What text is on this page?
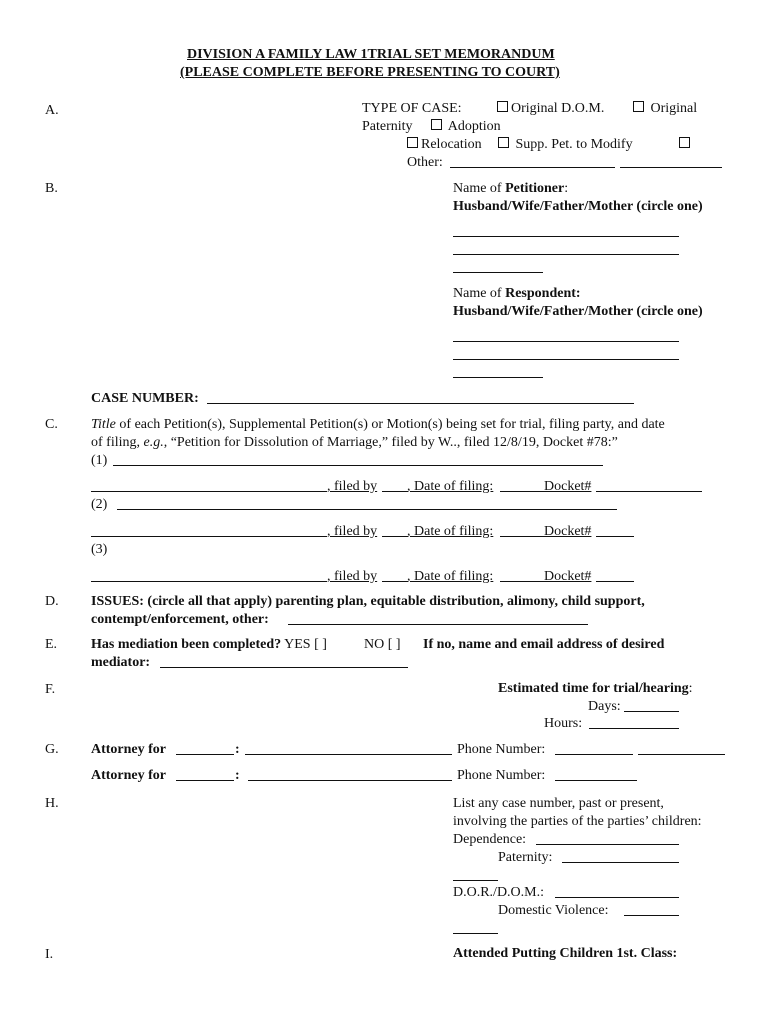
DIVISION A FAMILY LAW 1TRIAL SET MEMORANDUM
(PLEASE COMPLETE BEFORE PRESENTING TO COURT)
A.	TYPE OF CASE:	Original D.O.M.	Original
Paternity	Adoption
Relocation	Supp. Pet. to Modify
Other:
B.	Name of Petitioner:
Husband/Wife/Father/Mother (circle one)
Name of Respondent:
Husband/Wife/Father/Mother (circle one)
CASE NUMBER:
C. Title of each Petition(s), Supplemental Petition(s) or Motion(s) being set for trial, filing party, and date
of filing, e.g., “Petition for Dissolution of Marriage,” filed by W.., filed 12/8/19, Docket #78:”
(1)
, filed by , Date of filing:	Docket#
(2)
, filed by , Date of filing:	Docket#
(3)
, filed by , Date of filing:	Docket#
D. ISSUES: (circle all that apply) parenting plan, equitable distribution, alimony, child support,
contempt/enforcement, other:
E. Has mediation been completed? YES [ ]	NO [ ] If no, name and email address of desired
mediator:
F.	Estimated time for trial/hearing:
Days:
Hours:
G. Attorney for	:	Phone Number:
Attorney for	:	Phone Number:
H.	List any case number, past or present,
involving the parties of the parties’ children:
Dependence:
Paternity:
D.O.R./D.O.M.:
Domestic Violence:
I.	Attended Putting Children 1st. Class:
